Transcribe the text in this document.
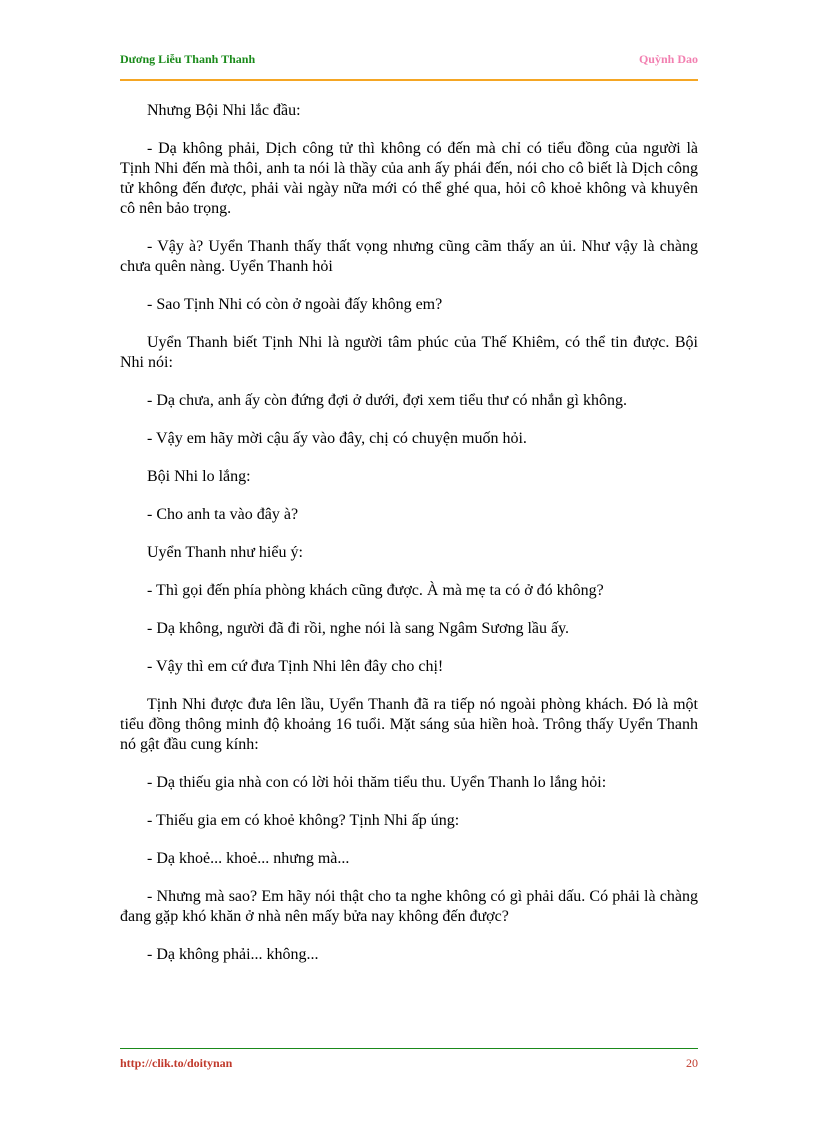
Dương Liễu Thanh Thanh	Quỳnh Dao

Nhưng Bội Nhi lắc đầu:

- Dạ không phải, Dịch công tử thì không có đến mà chỉ có tiểu đồng của người là Tịnh Nhi đến mà thôi, anh ta nói là thầy của anh ấy phái đến, nói cho cô biết là Dịch công tử không đến được, phải vài ngày nữa mới có thể ghé qua, hỏi cô khoẻ không và khuyên cô nên bảo trọng.

- Vậy à? Uyển Thanh thấy thất vọng nhưng cũng cãm thấy an ủi. Như vậy là chàng chưa quên nàng. Uyển Thanh hỏi

- Sao Tịnh Nhi có còn ở ngoài đấy không em?

Uyển Thanh biết Tịnh Nhi là người tâm phúc của Thế Khiêm, có thể tin được. Bội Nhi nói:

- Dạ chưa, anh ấy còn đứng đợi ở dưới, đợi xem tiểu thư có nhắn gì không.

- Vậy em hãy mời cậu ấy vào đây, chị có chuyện muốn hỏi.

Bội Nhi lo lắng:

- Cho anh ta vào đây à?

Uyển Thanh như hiểu ý:

- Thì gọi đến phía phòng khách cũng được. À mà mẹ ta có ở đó không?

- Dạ không, người đã đi rồi, nghe nói là sang Ngâm Sương lầu ấy.

- Vậy thì em cứ đưa Tịnh Nhi lên đây cho chị!

Tịnh Nhi được đưa lên lầu, Uyển Thanh đã ra tiếp nó ngoài phòng khách. Đó là một tiểu đồng thông minh độ khoảng 16 tuổi. Mặt sáng sủa hiền hoà. Trông thấy Uyển Thanh nó gật đầu cung kính:

- Dạ thiếu gia nhà con có lời hỏi thăm tiểu thu. Uyển Thanh lo lắng hỏi:

- Thiếu gia em có khoẻ không? Tịnh Nhi ấp úng:

- Dạ khoẻ... khoẻ... nhưng mà...

- Nhưng mà sao? Em hãy nói thật cho ta nghe không có gì phải dấu. Có phải là chàng đang gặp khó khăn ở nhà nên mấy bửa nay không đến được?

- Dạ không phải... không...

http://clik.to/doitynan	20
